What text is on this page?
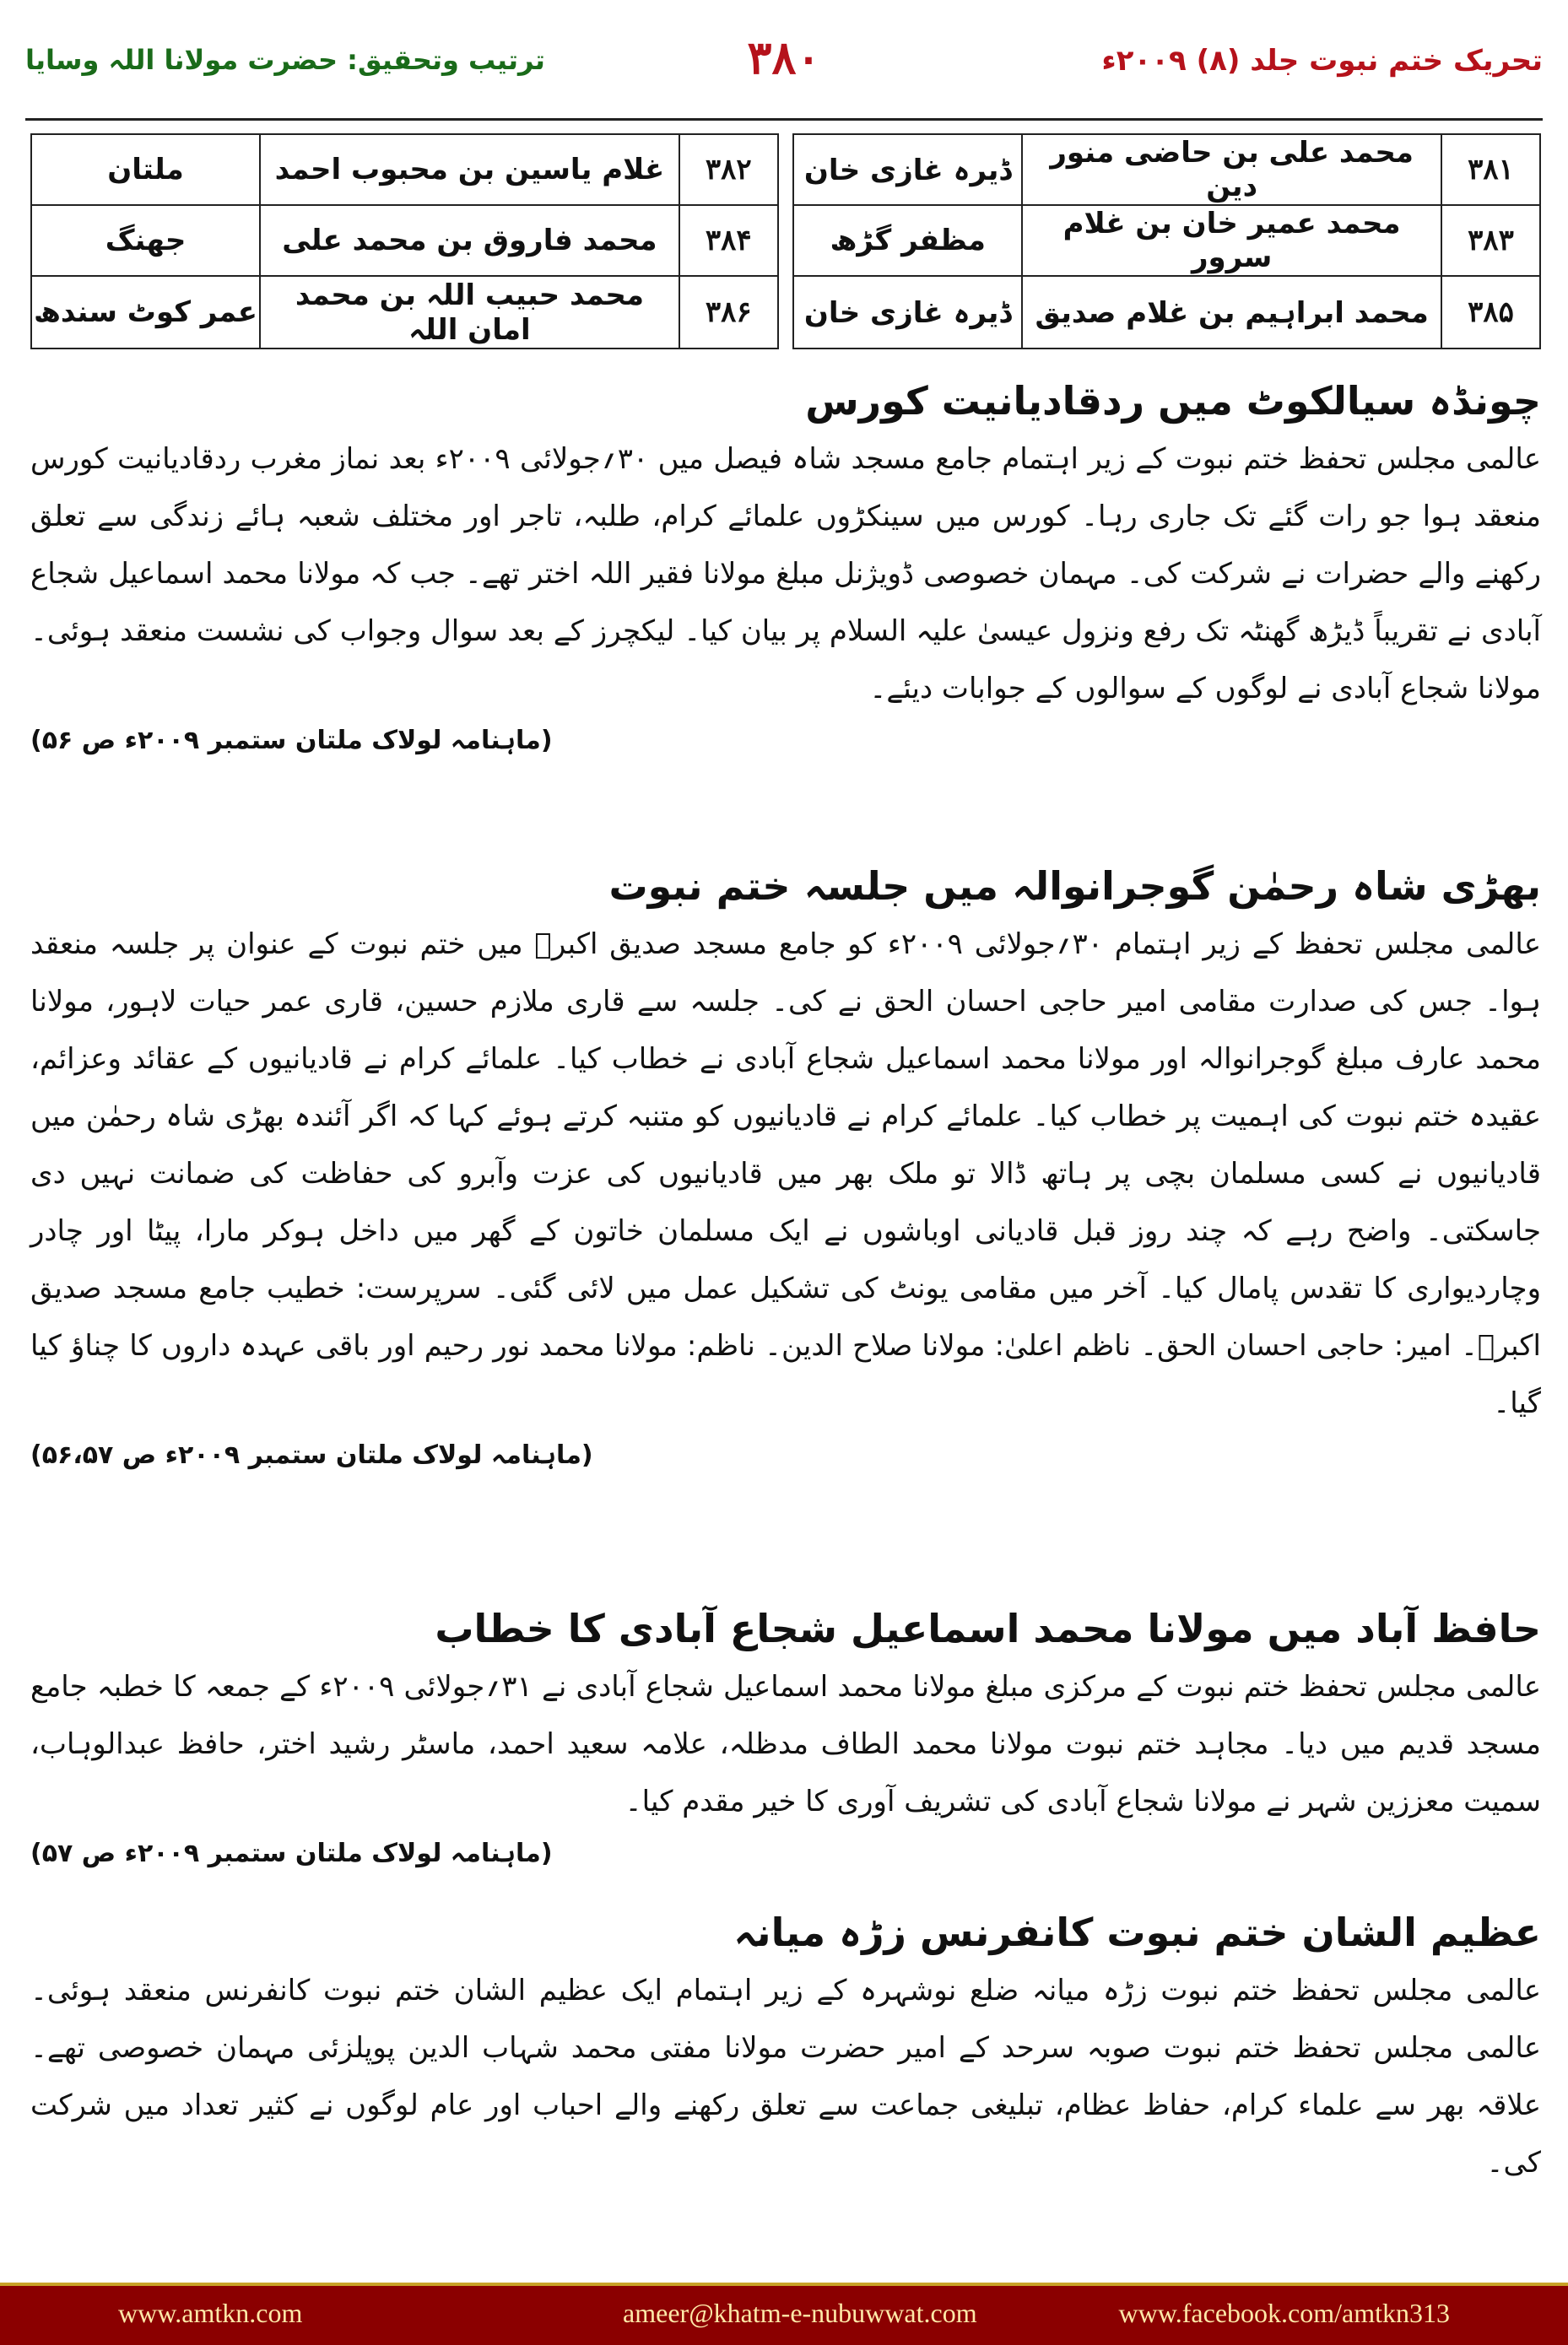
تحریک ختم نبوت جلد (۸) ۲۰۰۹ء
۳۸۰
ترتیب وتحقیق: حضرت مولانا اللہ وسایا
۳۸۱	محمد علی بن حاضی منور دین	ڈیرہ غازی خان		۳۸۲	غلام یاسین بن محبوب احمد	ملتان
۳۸۳	محمد عمیر خان بن غلام سرور	مظفر گڑھ		۳۸۴	محمد فاروق بن محمد علی	جھنگ
۳۸۵	محمد ابراہیم بن غلام صدیق	ڈیرہ غازی خان		۳۸۶	محمد حبیب اللہ بن محمد امان اللہ	عمر کوٹ سندھ
چونڈہ سیالکوٹ میں ردقادیانیت کورس

عالمی مجلس تحفظ ختم نبوت کے زیر اہتمام جامع مسجد شاہ فیصل میں ۳۰؍جولائی ۲۰۰۹ء بعد نماز مغرب ردقادیانیت کورس منعقد ہوا جو رات گئے تک جاری رہا۔ کورس میں سینکڑوں علمائے کرام، طلبہ، تاجر اور مختلف شعبہ ہائے زندگی سے تعلق رکھنے والے حضرات نے شرکت کی۔ مہمان خصوصی ڈویژنل مبلغ مولانا فقیر اللہ اختر تھے۔ جب کہ مولانا محمد اسماعیل شجاع آبادی نے تقریباً ڈیڑھ گھنٹہ تک رفع ونزول عیسیٰ علیہ السلام پر بیان کیا۔ لیکچرز کے بعد سوال وجواب کی نشست منعقد ہوئی۔ مولانا شجاع آبادی نے لوگوں کے سوالوں کے جوابات دیئے۔

(ماہنامہ لولاک ملتان ستمبر ۲۰۰۹ء ص ۵۶)
بھڑی شاہ رحمٰن گوجرانوالہ میں جلسہ ختم نبوت

عالمی مجلس تحفظ کے زیر اہتمام ۳۰؍جولائی ۲۰۰۹ء کو جامع مسجد صدیق اکبرؓ میں ختم نبوت کے عنوان پر جلسہ منعقد ہوا۔ جس کی صدارت مقامی امیر حاجی احسان الحق نے کی۔ جلسہ سے قاری ملازم حسین، قاری عمر حیات لاہور، مولانا محمد عارف مبلغ گوجرانوالہ اور مولانا محمد اسماعیل شجاع آبادی نے خطاب کیا۔ علمائے کرام نے قادیانیوں کے عقائد وعزائم، عقیدہ ختم نبوت کی اہمیت پر خطاب کیا۔ علمائے کرام نے قادیانیوں کو متنبہ کرتے ہوئے کہا کہ اگر آئندہ بھڑی شاہ رحمٰن میں قادیانیوں نے کسی مسلمان بچی پر ہاتھ ڈالا تو ملک بھر میں قادیانیوں کی عزت وآبرو کی حفاظت کی ضمانت نہیں دی جاسکتی۔ واضح رہے کہ چند روز قبل قادیانی اوباشوں نے ایک مسلمان خاتون کے گھر میں داخل ہوکر مارا، پیٹا اور چادر وچاردیواری کا تقدس پامال کیا۔ آخر میں مقامی یونٹ کی تشکیل عمل میں لائی گئی۔ سرپرست: خطیب جامع مسجد صدیق اکبرؓ۔ امیر: حاجی احسان الحق۔ ناظم اعلیٰ: مولانا صلاح الدین۔ ناظم: مولانا محمد نور رحیم اور باقی عہدہ داروں کا چناؤ کیا گیا۔

(ماہنامہ لولاک ملتان ستمبر ۲۰۰۹ء ص ۵۶،۵۷)
حافظ آباد میں مولانا محمد اسماعیل شجاع آبادی کا خطاب

عالمی مجلس تحفظ ختم نبوت کے مرکزی مبلغ مولانا محمد اسماعیل شجاع آبادی نے ۳۱؍جولائی ۲۰۰۹ء کے جمعہ کا خطبہ جامع مسجد قدیم میں دیا۔ مجاہد ختم نبوت مولانا محمد الطاف مدظلہ، علامہ سعید احمد، ماسٹر رشید اختر، حافظ عبدالوہاب، سمیت معززین شہر نے مولانا شجاع آبادی کی تشریف آوری کا خیر مقدم کیا۔

(ماہنامہ لولاک ملتان ستمبر ۲۰۰۹ء ص ۵۷)
عظیم الشان ختم نبوت کانفرنس زڑہ میانہ

عالمی مجلس تحفظ ختم نبوت زڑہ میانہ ضلع نوشہرہ کے زیر اہتمام ایک عظیم الشان ختم نبوت کانفرنس منعقد ہوئی۔ عالمی مجلس تحفظ ختم نبوت صوبہ سرحد کے امیر حضرت مولانا مفتی محمد شہاب الدین پوپلزئی مہمان خصوصی تھے۔ علاقہ بھر سے علماء کرام، حفاظ عظام، تبلیغی جماعت سے تعلق رکھنے والے احباب اور عام لوگوں نے کثیر تعداد میں شرکت کی۔

www.amtkn.com	ameer@khatm-e-nubuwwat.com	www.facebook.com/amtkn313
